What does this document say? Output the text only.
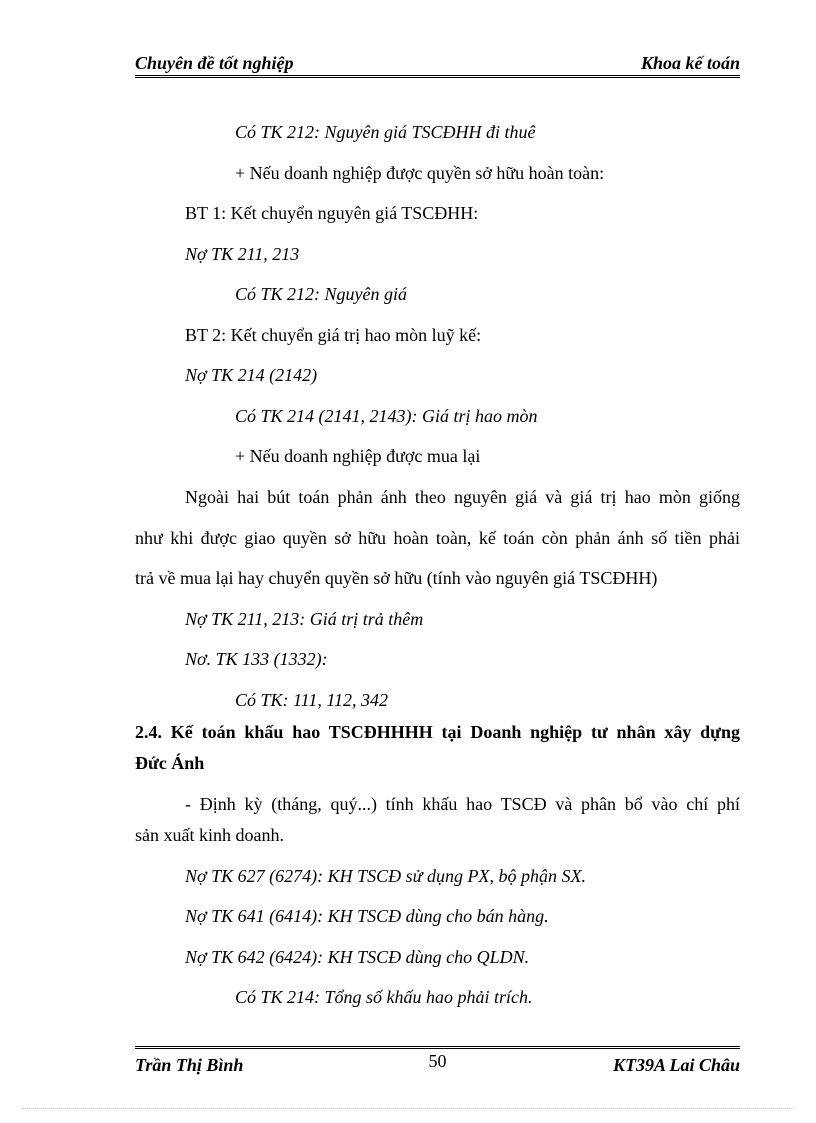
Chuyên đề tốt nghiệp	Khoa kế toán
Có TK 212: Nguyên giá TSCĐHH đi thuê
+ Nếu doanh nghiệp được quyền sở hữu hoàn toàn:
BT 1: Kết chuyển nguyên giá TSCĐHH:
Nợ TK 211, 213
Có TK 212: Nguyên giá
BT 2: Kết chuyển giá trị hao mòn luỹ kế:
Nợ TK 214 (2142)
Có TK 214 (2141, 2143): Giá trị hao mòn
+ Nếu doanh nghiệp được mua lại
Ngoài hai bút toán phản ánh theo nguyên giá và giá trị hao mòn giống
như khi được giao quyền sở hữu hoàn toàn, kế toán còn phản ánh số tiền phải
trả về mua lại hay chuyển quyền sở hữu (tính vào nguyên giá TSCĐHH)
Nợ TK 211, 213: Giá trị trả thêm
Nơ. TK 133 (1332):
Có TK: 111, 112, 342
2.4. Kế toán khấu hao TSCĐHHHH tại Doanh nghiệp tư nhân xây dựng
Đức Ánh
- Định kỳ (tháng, quý...) tính khấu hao TSCĐ và phân bổ vào chí phí
sản xuất kinh doanh.
Nợ TK 627 (6274): KH TSCĐ sử dụng PX, bộ phận SX.
Nợ TK 641 (6414): KH TSCĐ dùng cho bán hàng.
Nợ TK 642 (6424): KH TSCĐ dùng cho QLDN.
Có TK 214: Tổng số khấu hao phải trích.
Trần Thị Bình	50	KT39A Lai Châu
